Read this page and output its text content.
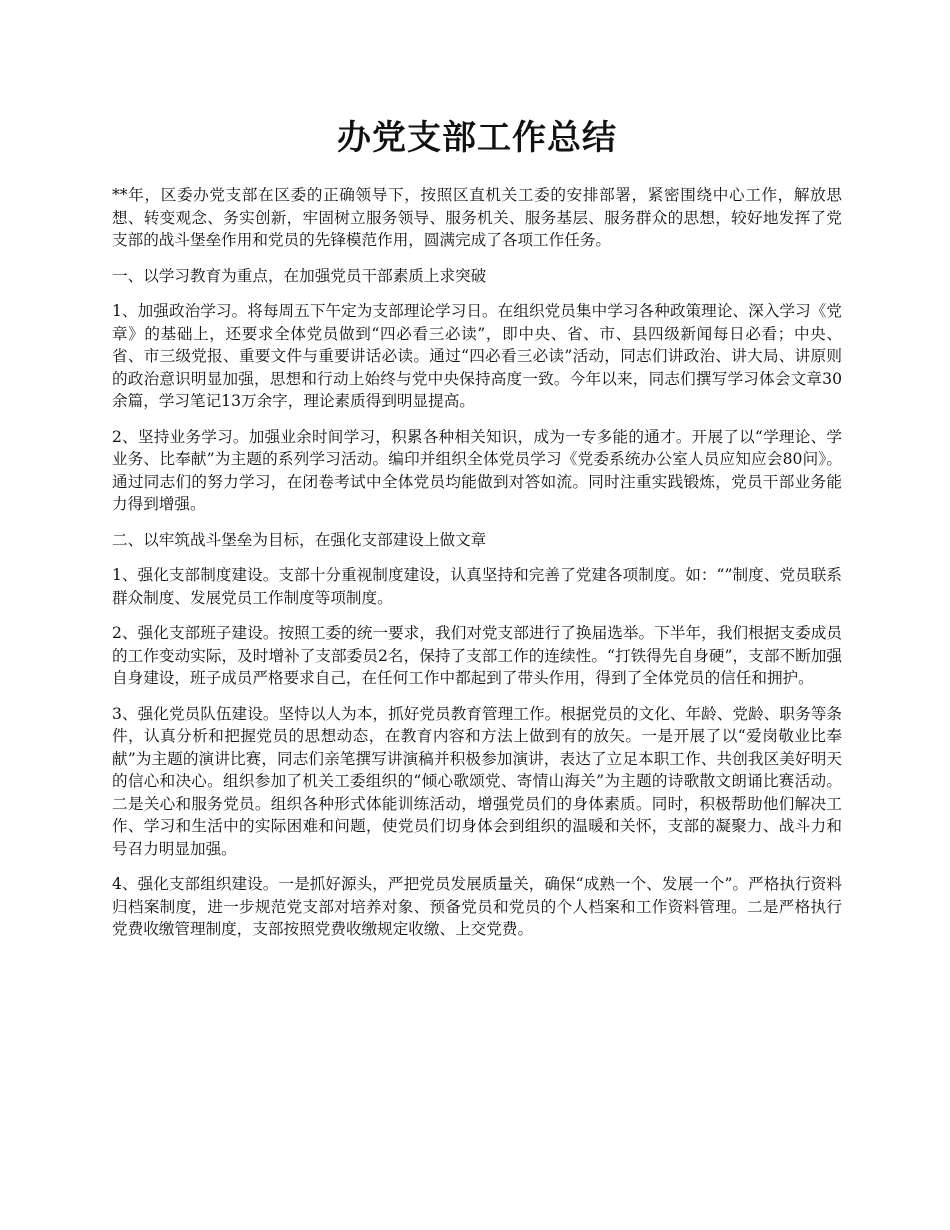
办党支部工作总结

**年，区委办党支部在区委的正确领导下，按照区直机关工委的安排部署，紧密围绕中心工作，解放思想、转变观念、务实创新，牢固树立服务领导、服务机关、服务基层、服务群众的思想，较好地发挥了党支部的战斗堡垒作用和党员的先锋模范作用，圆满完成了各项工作任务。

一、以学习教育为重点，在加强党员干部素质上求突破

1、加强政治学习。将每周五下午定为支部理论学习日。在组织党员集中学习各种政策理论、深入学习《党章》的基础上，还要求全体党员做到“四必看三必读”，即中央、省、市、县四级新闻每日必看；中央、省、市三级党报、重要文件与重要讲话必读。通过“四必看三必读”活动，同志们讲政治、讲大局、讲原则的政治意识明显加强，思想和行动上始终与党中央保持高度一致。今年以来，同志们撰写学习体会文章30余篇，学习笔记13万余字，理论素质得到明显提高。

2、坚持业务学习。加强业余时间学习，积累各种相关知识，成为一专多能的通才。开展了以“学理论、学业务、比奉献”为主题的系列学习活动。编印并组织全体党员学习《党委系统办公室人员应知应会80问》。通过同志们的努力学习，在闭卷考试中全体党员均能做到对答如流。同时注重实践锻炼，党员干部业务能力得到增强。

二、以牢筑战斗堡垒为目标，在强化支部建设上做文章

1、强化支部制度建设。支部十分重视制度建设，认真坚持和完善了党建各项制度。如：“”制度、党员联系群众制度、发展党员工作制度等项制度。

2、强化支部班子建设。按照工委的统一要求，我们对党支部进行了换届选举。下半年，我们根据支委成员的工作变动实际，及时增补了支部委员2名，保持了支部工作的连续性。“打铁得先自身硬”，支部不断加强自身建设，班子成员严格要求自己，在任何工作中都起到了带头作用，得到了全体党员的信任和拥护。

3、强化党员队伍建设。坚恃以人为本，抓好党员教育管理工作。根据党员的文化、年龄、党龄、职务等条件，认真分析和把握党员的思想动态，在教育内容和方法上做到有的放矢。一是开展了以“爱岗敬业比奉献”为主题的演讲比赛，同志们亲笔撰写讲演稿并积极参加演讲，表达了立足本职工作、共创我区美好明天的信心和决心。组织参加了机关工委组织的“倾心歌颂党、寄情山海关”为主题的诗歌散文朗诵比赛活动。二是关心和服务党员。组织各种形式体能训练活动，增强党员们的身体素质。同时，积极帮助他们解决工作、学习和生活中的实际困难和问题，使党员们切身体会到组织的温暖和关怀，支部的凝聚力、战斗力和号召力明显加强。

4、强化支部组织建设。一是抓好源头，严把党员发展质量关，确保“成熟一个、发展一个”。严格执行资料归档案制度，进一步规范党支部对培养对象、预备党员和党员的个人档案和工作资料管理。二是严格执行党费收缴管理制度，支部按照党费收缴规定收缴、上交党费。
